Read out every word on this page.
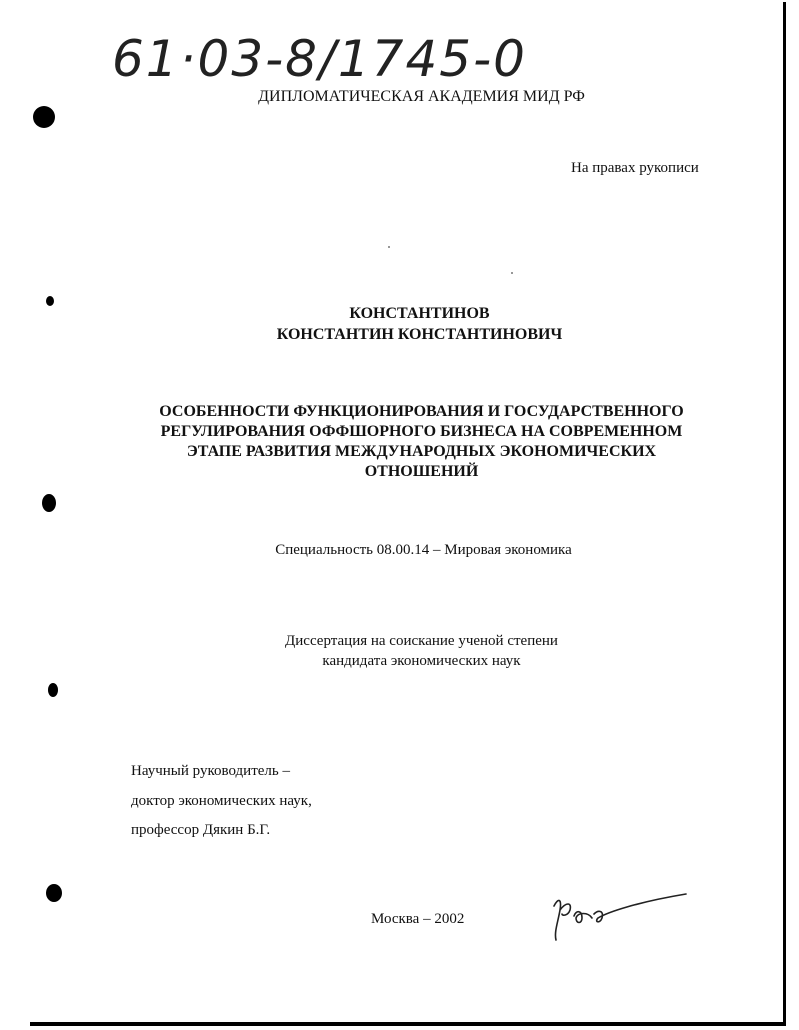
61·03-8/1745-0
ДИПЛОМАТИЧЕСКАЯ АКАДЕМИЯ МИД РФ
На правах рукописи
КОНСТАНТИНОВ
КОНСТАНТИН КОНСТАНТИНОВИЧ
ОСОБЕННОСТИ ФУНКЦИОНИРОВАНИЯ И ГОСУДАРСТВЕННОГО
РЕГУЛИРОВАНИЯ ОФФШОРНОГО БИЗНЕСА НА СОВРЕМЕННОМ
ЭТАПЕ РАЗВИТИЯ МЕЖДУНАРОДНЫХ ЭКОНОМИЧЕСКИХ
ОТНОШЕНИЙ
Специальность 08.00.14 – Мировая экономика
Диссертация на соискание ученой степени
кандидата экономических наук
Научный руководитель –
доктор экономических наук,
профессор Дякин Б.Г.
Москва – 2002
